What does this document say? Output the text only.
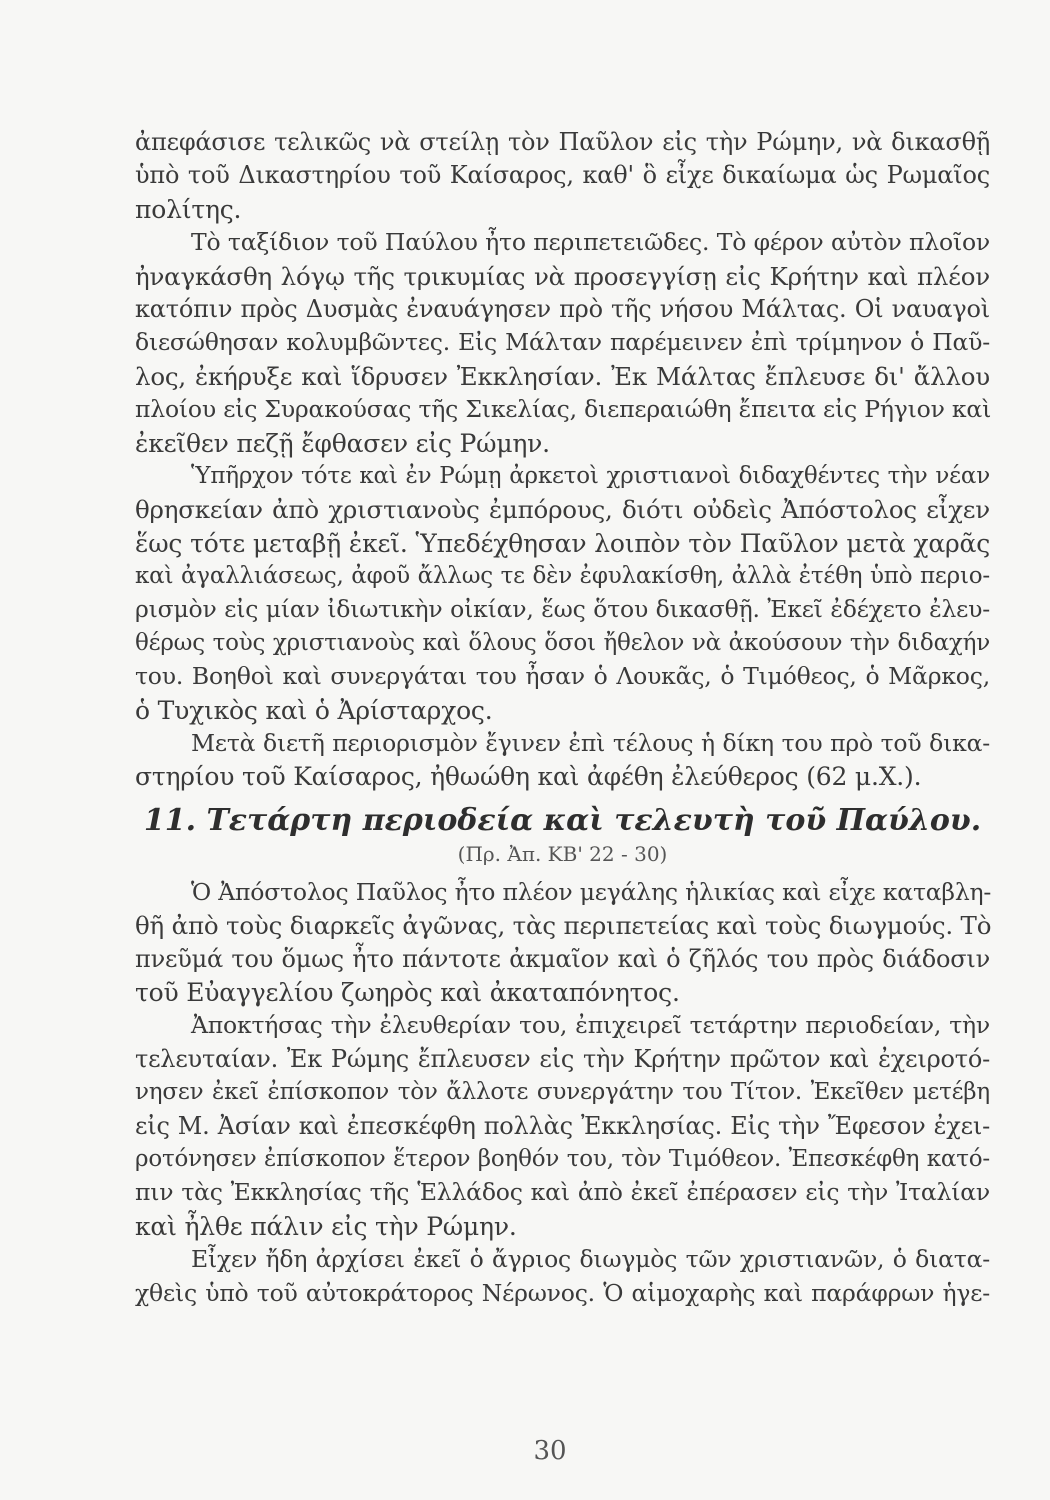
ἀπεφάσισε τελικῶς νὰ στείλῃ τὸν Παῦλον εἰς τὴν Ρώμην, νὰ δικασθῇ
ὑπὸ τοῦ Δικαστηρίου τοῦ Καίσαρος, καθ' ὃ εἶχε δικαίωμα ὡς Ρωμαῖος
πολίτης.
Τὸ ταξίδιον τοῦ Παύλου ἦτο περιπετειῶδες. Τὸ φέρον αὐτὸν πλοῖον
ἠναγκάσθη λόγῳ τῆς τρικυμίας νὰ προσεγγίσῃ εἰς Κρήτην καὶ πλέον
κατόπιν πρὸς Δυσμὰς ἐναυάγησεν πρὸ τῆς νήσου Μάλτας. Οἱ ναυαγοὶ
διεσώθησαν κολυμβῶντες. Εἰς Μάλταν παρέμεινεν ἐπὶ τρίμηνον ὁ Παῦ-
λος, ἐκήρυξε καὶ ἵδρυσεν Ἐκκλησίαν. Ἐκ Μάλτας ἔπλευσε δι' ἄλλου
πλοίου εἰς Συρακούσας τῆς Σικελίας, διεπεραιώθη ἔπειτα εἰς Ρήγιον καὶ
ἐκεῖθεν πεζῇ ἔφθασεν εἰς Ρώμην.
Ὑπῆρχον τότε καὶ ἐν Ρώμῃ ἀρκετοὶ χριστιανοὶ διδαχθέντες τὴν νέαν
θρησκείαν ἀπὸ χριστιανοὺς ἐμπόρους, διότι οὐδεὶς Ἀπόστολος εἶχεν
ἕως τότε μεταβῇ ἐκεῖ. Ὑπεδέχθησαν λοιπὸν τὸν Παῦλον μετὰ χαρᾶς
καὶ ἀγαλλιάσεως, ἀφοῦ ἄλλως τε δὲν ἐφυλακίσθη, ἀλλὰ ἐτέθη ὑπὸ περιο-
ρισμὸν εἰς μίαν ἰδιωτικὴν οἰκίαν, ἕως ὅτου δικασθῇ. Ἐκεῖ ἐδέχετο ἐλευ-
θέρως τοὺς χριστιανοὺς καὶ ὅλους ὅσοι ἤθελον νὰ ἀκούσουν τὴν διδαχήν
του. Βοηθοὶ καὶ συνεργάται του ἦσαν ὁ Λουκᾶς, ὁ Τιμόθεος, ὁ Μᾶρκος,
ὁ Τυχικὸς καὶ ὁ Ἀρίσταρχος.
Μετὰ διετῆ περιορισμὸν ἔγινεν ἐπὶ τέλους ἡ δίκη του πρὸ τοῦ δικα-
στηρίου τοῦ Καίσαρος, ἠθωώθη καὶ ἀφέθη ἐλεύθερος (62 μ.Χ.).
11. Τετάρτη περιοδεία καὶ τελευτὴ τοῦ Παύλου.
(Πρ. Ἀπ. ΚΒ' 22 - 30)
Ὁ Ἀπόστολος Παῦλος ἦτο πλέον μεγάλης ἡλικίας καὶ εἶχε καταβλη-
θῆ ἀπὸ τοὺς διαρκεῖς ἀγῶνας, τὰς περιπετείας καὶ τοὺς διωγμούς. Τὸ
πνεῦμά του ὅμως ἦτο πάντοτε ἀκμαῖον καὶ ὁ ζῆλός του πρὸς διάδοσιν
τοῦ Εὐαγγελίου ζωηρὸς καὶ ἀκαταπόνητος.
Ἀποκτήσας τὴν ἐλευθερίαν του, ἐπιχειρεῖ τετάρτην περιοδείαν, τὴν
τελευταίαν. Ἐκ Ρώμης ἔπλευσεν εἰς τὴν Κρήτην πρῶτον καὶ ἐχειροτό-
νησεν ἐκεῖ ἐπίσκοπον τὸν ἄλλοτε συνεργάτην του Τίτον. Ἐκεῖθεν μετέβη
εἰς Μ. Ἀσίαν καὶ ἐπεσκέφθη πολλὰς Ἐκκλησίας. Εἰς τὴν Ἔφεσον ἐχει-
ροτόνησεν ἐπίσκοπον ἕτερον βοηθόν του, τὸν Τιμόθεον. Ἐπεσκέφθη κατό-
πιν τὰς Ἐκκλησίας τῆς Ἑλλάδος καὶ ἀπὸ ἐκεῖ ἐπέρασεν εἰς τὴν Ἰταλίαν
καὶ ἦλθε πάλιν εἰς τὴν Ρώμην.
Εἶχεν ἤδη ἀρχίσει ἐκεῖ ὁ ἄγριος διωγμὸς τῶν χριστιανῶν, ὁ διατα-
χθεὶς ὑπὸ τοῦ αὐτοκράτορος Νέρωνος. Ὁ αἱμοχαρὴς καὶ παράφρων ἡγε-
30
